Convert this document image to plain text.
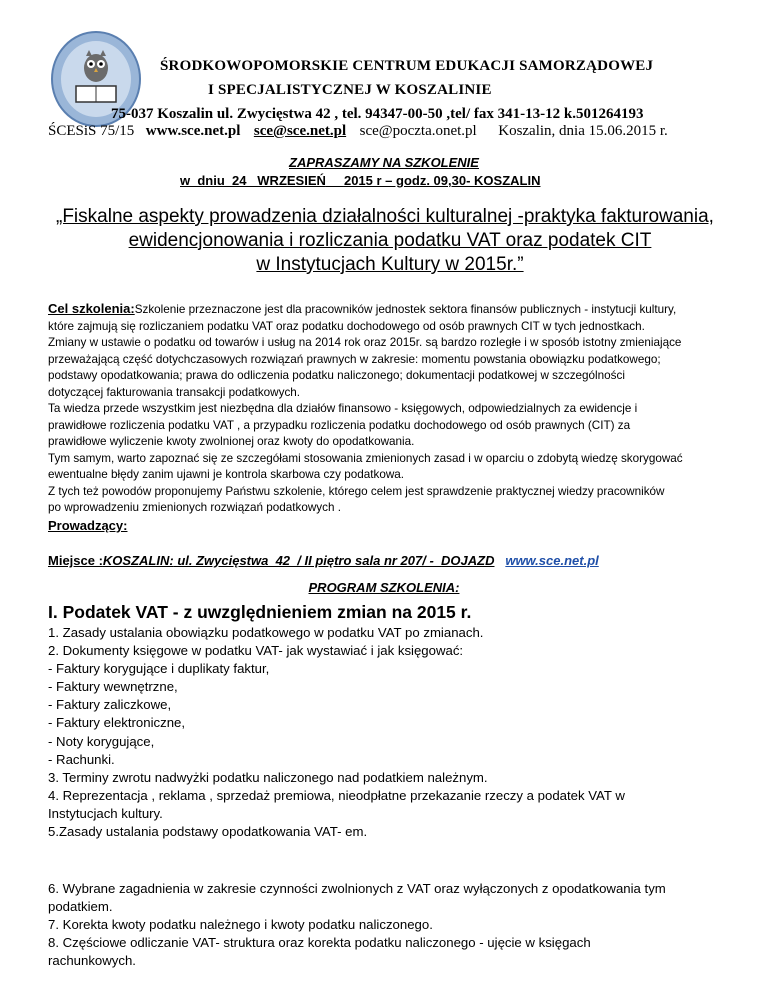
ŚRODKOWOPOMORSKIE CENTRUM EDUKACJI SAMORZĄDOWEJ
I SPECJALISTYCZNEJ W KOSZALINIE
75-037 Koszalin ul. Zwycięstwa 42 , tel. 94347-00-50 ,tel/ fax 341-13-12 k.501264193
ŚCESiS 75/15 www.sce.net.pl sce@sce.net.pl sce@poczta.onet.pl Koszalin, dnia 15.06.2015 r.
ZAPRASZAMY NA SZKOLENIE
w  dniu  24   WRZESIEŃ 2015 r – godz. 09,30- KOSZALIN
„Fiskalne aspekty prowadzenia działalności kulturalnej -praktyka fakturowania,
ewidencjonowania i rozliczania podatku VAT oraz podatek CIT
w Instytucjach Kultury w 2015r.”
Cel szkolenia:Szkolenie przeznaczone jest dla pracowników jednostek sektora finansów publicznych - instytucji kultury,
które zajmują się rozliczaniem podatku VAT oraz podatku dochodowego od osób prawnych CIT w tych jednostkach.
Zmiany w ustawie o podatku od towarów i usług na 2014 rok oraz 2015r. są bardzo rozległe i w sposób istotny zmieniające
przeważającą część dotychczasowych rozwiązań prawnych w zakresie: momentu powstania obowiązku podatkowego;
podstawy opodatkowania; prawa do odliczenia podatku naliczonego; dokumentacji podatkowej w szczególności
dotyczącej fakturowania transakcji podatkowych.
Ta wiedza przede wszystkim jest niezbędna dla działów finansowo - księgowych, odpowiedzialnych za ewidencje i
prawidłowe rozliczenia podatku VAT , a przypadku rozliczenia podatku dochodowego od osób prawnych (CIT) za
prawidłowe wyliczenie kwoty zwolnionej oraz kwoty do opodatkowania.
Tym samym, warto zapoznać się ze szczegółami stosowania zmienionych zasad i w oparciu o zdobytą wiedzę skorygować
ewentualne błędy zanim ujawni je kontrola skarbowa czy podatkowa.
Z tych też powodów proponujemy Państwu szkolenie, którego celem jest sprawdzenie praktycznej wiedzy pracowników
po wprowadzeniu zmienionych rozwiązań podatkowych .
Prowadzący:
Miejsce :KOSZALIN: ul. Zwycięstwa  42  / II piętro sala nr 207/ -  DOJAZD www.sce.net.pl
PROGRAM SZKOLENIA:
I. Podatek VAT - z uwzględnieniem zmian na 2015 r.
1. Zasady ustalania obowiązku podatkowego w podatku VAT po zmianach.
2. Dokumenty księgowe w podatku VAT- jak wystawiać i jak księgować:
- Faktury korygujące i duplikaty faktur,
- Faktury wewnętrzne,
- Faktury zaliczkowe,
- Faktury elektroniczne,
- Noty korygujące,
- Rachunki.
3. Terminy zwrotu nadwyżki podatku naliczonego nad podatkiem należnym.
4. Reprezentacja , reklama , sprzedaż premiowa, nieodpłatne przekazanie rzeczy a podatek VAT w
Instytucjach kultury.
5.Zasady ustalania podstawy opodatkowania VAT- em.
6. Wybrane zagadnienia w zakresie czynności zwolnionych z VAT oraz wyłączonych z opodatkowania tym
podatkiem.
7. Korekta kwoty podatku należnego i kwoty podatku naliczonego.
8. Częściowe odliczanie VAT- struktura oraz korekta podatku naliczonego - ujęcie w księgach
rachunkowych.
